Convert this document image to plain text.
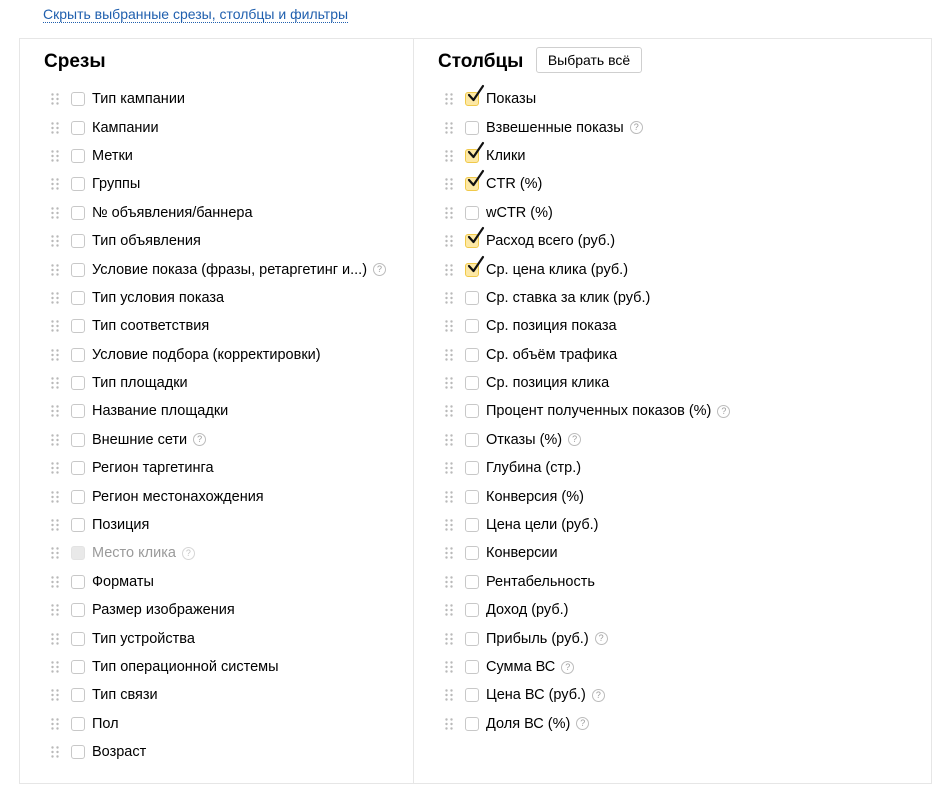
Скрыть выбранные срезы, столбцы и фильтры
Срезы	Столбцы	Выбрать всё
Тип кампании
Кампании
Метки
Группы
№ объявления/баннера
Тип объявления
Условие показа (фразы, ретаргетинг и...)	?
Тип условия показа
Тип соответствия
Условие подбора (корректировки)
Тип площадки
Название площадки
Внешние сети	?
Регион таргетинга
Регион местонахождения
Позиция
Место клика	?
Форматы
Размер изображения
Тип устройства
Тип операционной системы
Тип связи
Пол
Возраст
Показы
Взвешенные показы	?
Клики
CTR (%)
wCTR (%)
Расход всего (руб.)
Ср. цена клика (руб.)
Ср. ставка за клик (руб.)
Ср. позиция показа
Ср. объём трафика
Ср. позиция клика
Процент полученных показов (%)	?
Отказы (%)	?
Глубина (стр.)
Конверсия (%)
Цена цели (руб.)
Конверсии
Рентабельность
Доход (руб.)
Прибыль (руб.)	?
Сумма ВС	?
Цена ВС (руб.)	?
Доля ВС (%)	?
